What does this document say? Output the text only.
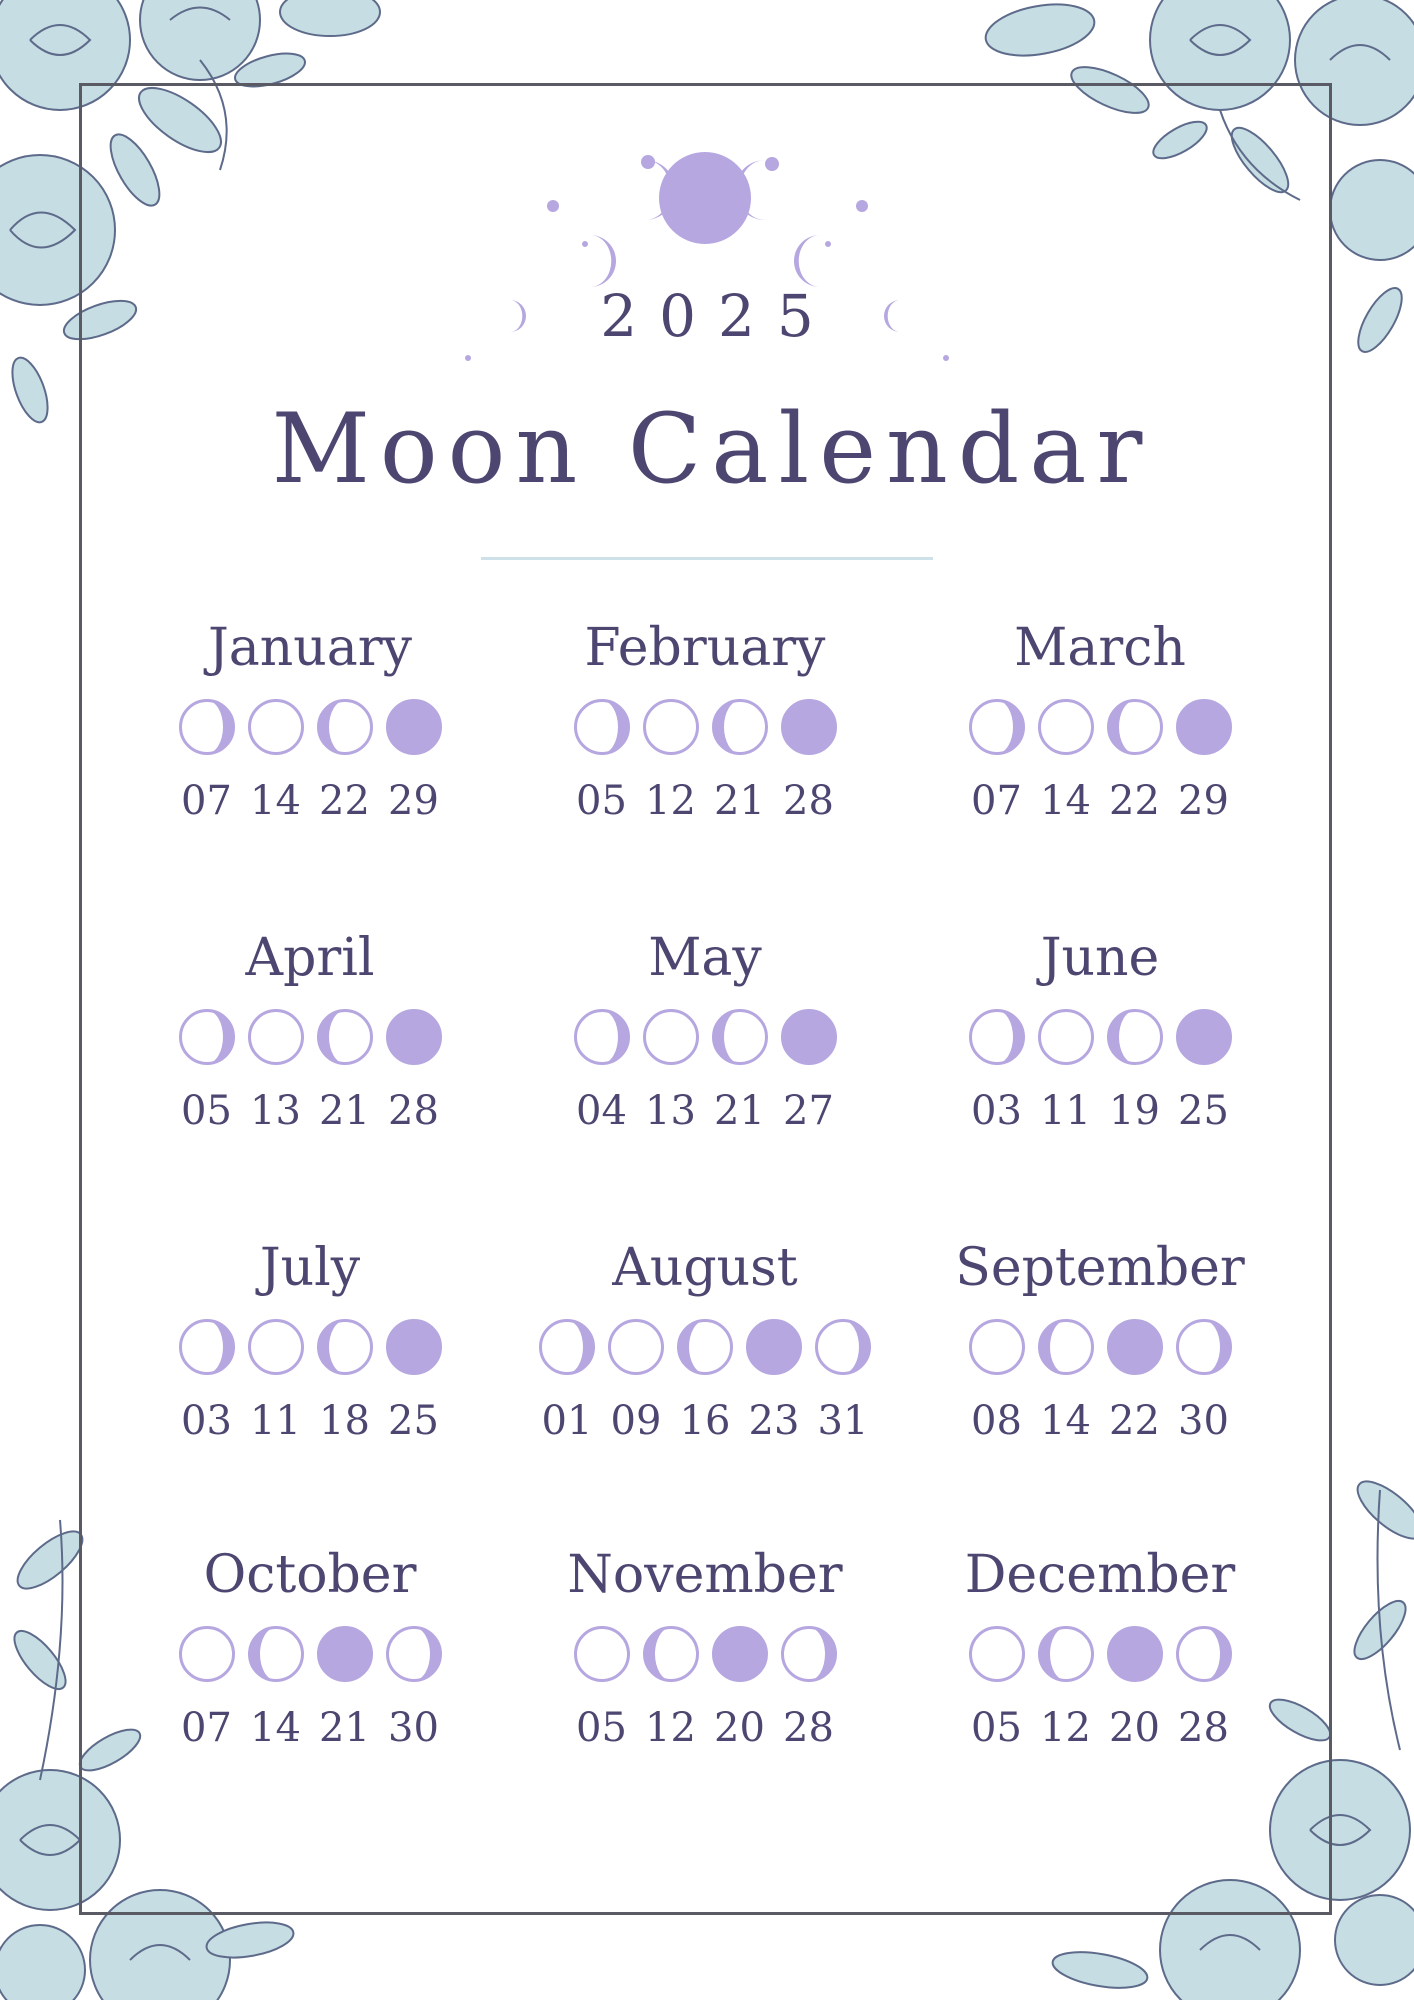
2025
Moon Calendar
January
07 14 22 29
February
05 12 21 28
March
07 14 22 29
April
05 13 21 28
May
04 13 21 27
June
03 11 19 25
July
03 11 18 25
August
01 09 16 23 31
September
08 14 22 30
October
07 14 21 30
November
05 12 20 28
December
05 12 20 28
